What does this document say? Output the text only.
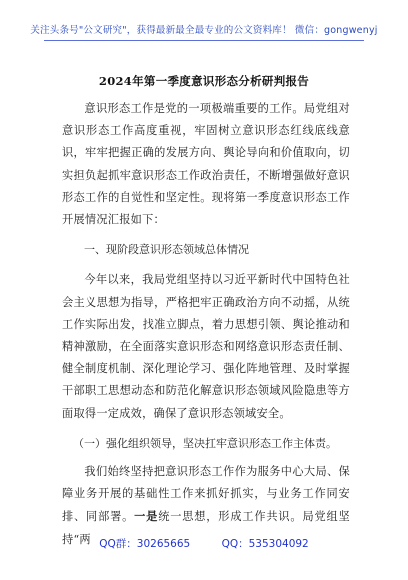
关注头条号"公文研究"，获得最新最全最专业的公文资料库！ 微信：gongwenyj
2024年第一季度意识形态分析研判报告

意识形态工作是党的一项极端重要的工作。局党组对意识形态工作高度重视，牢固树立意识形态红线底线意识，牢牢把握正确的发展方向、舆论导向和价值取向，切实担负起抓牢意识形态工作政治责任，不断增强做好意识形态工作的自觉性和坚定性。现将第一季度意识形态工作开展情况汇报如下：

一、现阶段意识形态领域总体情况

今年以来，我局党组坚持以习近平新时代中国特色社会主义思想为指导，严格把牢正确政治方向不动摇，从统工作实际出发，找准立脚点，着力思想引领、舆论推动和精神激励，在全面落实意识形态和网络意识形态责任制、健全制度机制、深化理论学习、强化阵地管理、及时掌握干部职工思想动态和防范化解意识形态领域风险隐患等方面取得一定成效，确保了意识形态领域安全。

（一）强化组织领导，坚决扛牢意识形态工作主体责。

我们始终坚持把意识形态工作作为服务中心大局、保障业务开展的基础性工作来抓好抓实，与业务工作同安排、同部署。一是统一思想，形成工作共识。局党组坚持“两 QQ群：30265665	QQ：535304092
